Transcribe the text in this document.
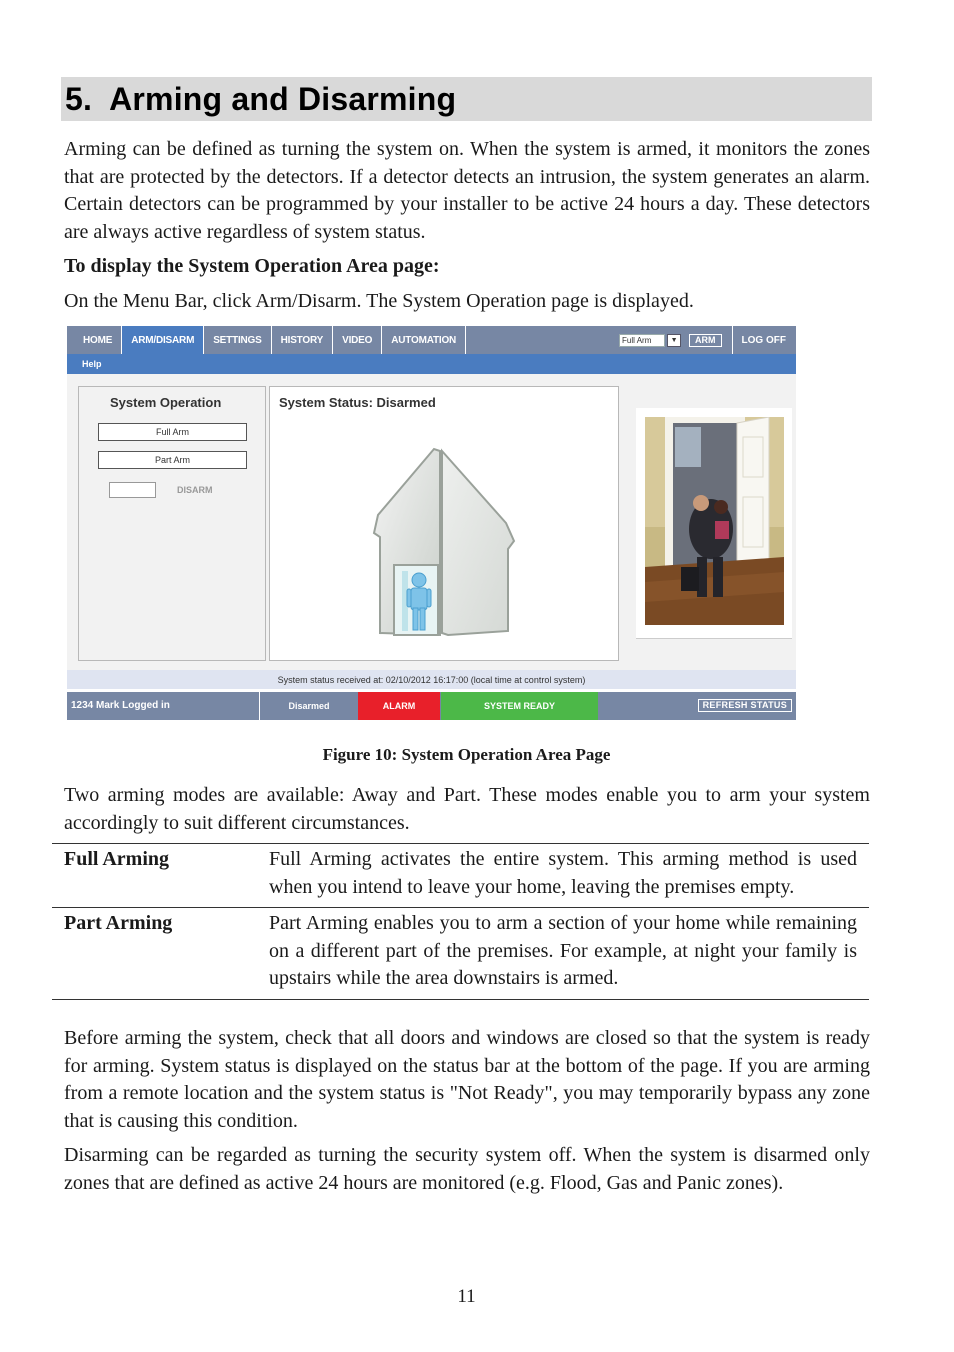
5. Arming and Disarming

Arming can be defined as turning the system on. When the system is armed, it monitors the zones that are protected by the detectors. If a detector detects an intrusion, the system generates an alarm. Certain detectors can be programmed by your installer to be active 24 hours a day. These detectors are always active regardless of system status.

To display the System Operation Area page:

On the Menu Bar, click Arm/Disarm. The System Operation page is displayed.

HOME	ARM/DISARM	SETTINGS	HISTORY	VIDEO	AUTOMATION	Full Arm	▼	ARM	LOG OFF
Help
System Operation
Full Arm
Part Arm
DISARM
System Status: Disarmed
System status received at: 02/10/2012 16:17:00 (local time at control system)
1234 Mark Logged in	Disarmed	ALARM	SYSTEM READY	REFRESH STATUS
Figure 10: System Operation Area Page

Two arming modes are available: Away and Part. These modes enable you to arm your system accordingly to suit different circumstances.

Full Arming	Full Arming activates the entire system. This arming method is used when you intend to leave your home, leaving the premises empty.
Part Arming	Part Arming enables you to arm a section of your home while remaining on a different part of the premises. For example, at night your family is upstairs while the area downstairs is armed.

Before arming the system, check that all doors and windows are closed so that the system is ready for arming. System status is displayed on the status bar at the bottom of the page. If you are arming from a remote location and the system status is "Not Ready", you may temporarily bypass any zone that is causing this condition.

Disarming can be regarded as turning the security system off. When the system is disarmed only zones that are defined as active 24 hours are monitored (e.g. Flood, Gas and Panic zones).

11
